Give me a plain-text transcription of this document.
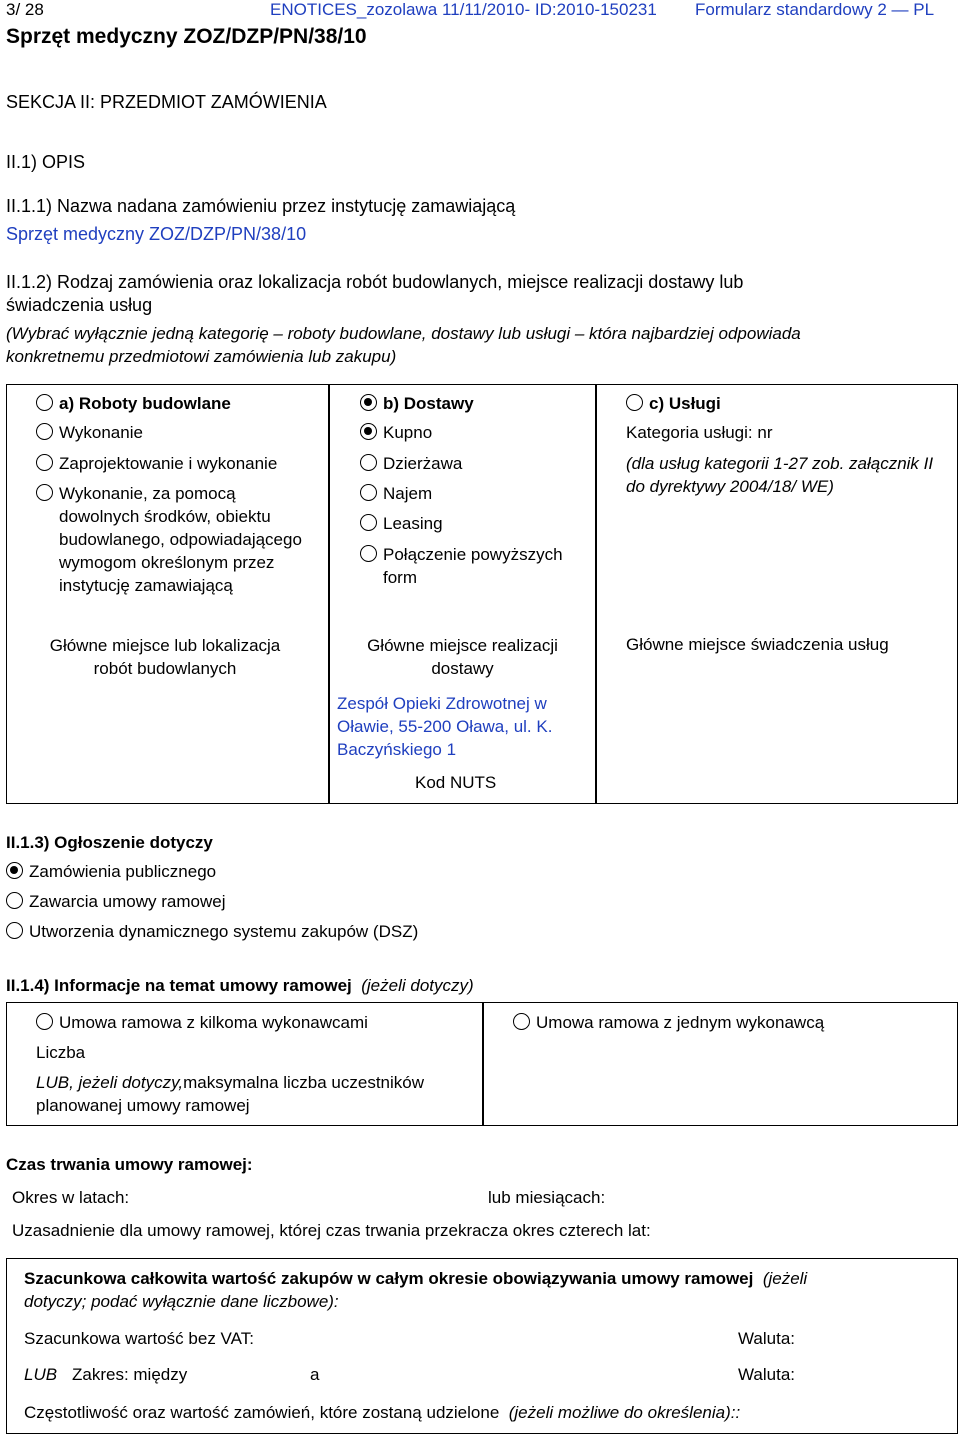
3/ 28	ENOTICES_zozolawa 11/11/2010- ID:2010-150231 Formularz standardowy 2 — PL
Sprzęt medyczny ZOZ/DZP/PN/38/10
SEKCJA II: PRZEDMIOT ZAMÓWIENIA
II.1) OPIS
II.1.1) Nazwa nadana zamówieniu przez instytucję zamawiającą
Sprzęt medyczny ZOZ/DZP/PN/38/10
II.1.2) Rodzaj zamówienia oraz lokalizacja robót budowlanych, miejsce realizacji dostawy lub
świadczenia usług
(Wybrać wyłącznie jedną kategorię – roboty budowlane, dostawy lub usługi – która najbardziej odpowiada
konkretnemu przedmiotowi zamówienia lub zakupu)
a) Roboty budowlane
Wykonanie
Zaprojektowanie i wykonanie
Wykonanie, za pomocą dowolnych środków, obiektu budowlanego, odpowiadającego wymogom określonym przez instytucję zamawiającą
Główne miejsce lub lokalizacja robót budowlanych
b) Dostawy
Kupno
Dzierżawa
Najem
Leasing
Połączenie powyższych form
Główne miejsce realizacji dostawy
Zespół Opieki Zdrowotnej w Oławie, 55-200 Oława, ul. K. Baczyńskiego 1
Kod NUTS
c) Usługi
Kategoria usługi: nr
(dla usług kategorii 1-27 zob. załącznik II do dyrektywy 2004/18/ WE)
Główne miejsce świadczenia usług
II.1.3) Ogłoszenie dotyczy
Zamówienia publicznego
Zawarcia umowy ramowej
Utworzenia dynamicznego systemu zakupów (DSZ)
II.1.4) Informacje na temat umowy ramowej (jeżeli dotyczy)
Umowa ramowa z kilkoma wykonawcami
Liczba
LUB, jeżeli dotyczy,maksymalna liczba uczestników planowanej umowy ramowej
Umowa ramowa z jednym wykonawcą
Czas trwania umowy ramowej:
Okres w latach:	lub miesiącach:
Uzasadnienie dla umowy ramowej, której czas trwania przekracza okres czterech lat:
Szacunkowa całkowita wartość zakupów w całym okresie obowiązywania umowy ramowej (jeżeli
dotyczy; podać wyłącznie dane liczbowe):
Szacunkowa wartość bez VAT:	Waluta:
LUB Zakres: między	a	Waluta:
Częstotliwość oraz wartość zamówień, które zostaną udzielone (jeżeli możliwe do określenia)::
